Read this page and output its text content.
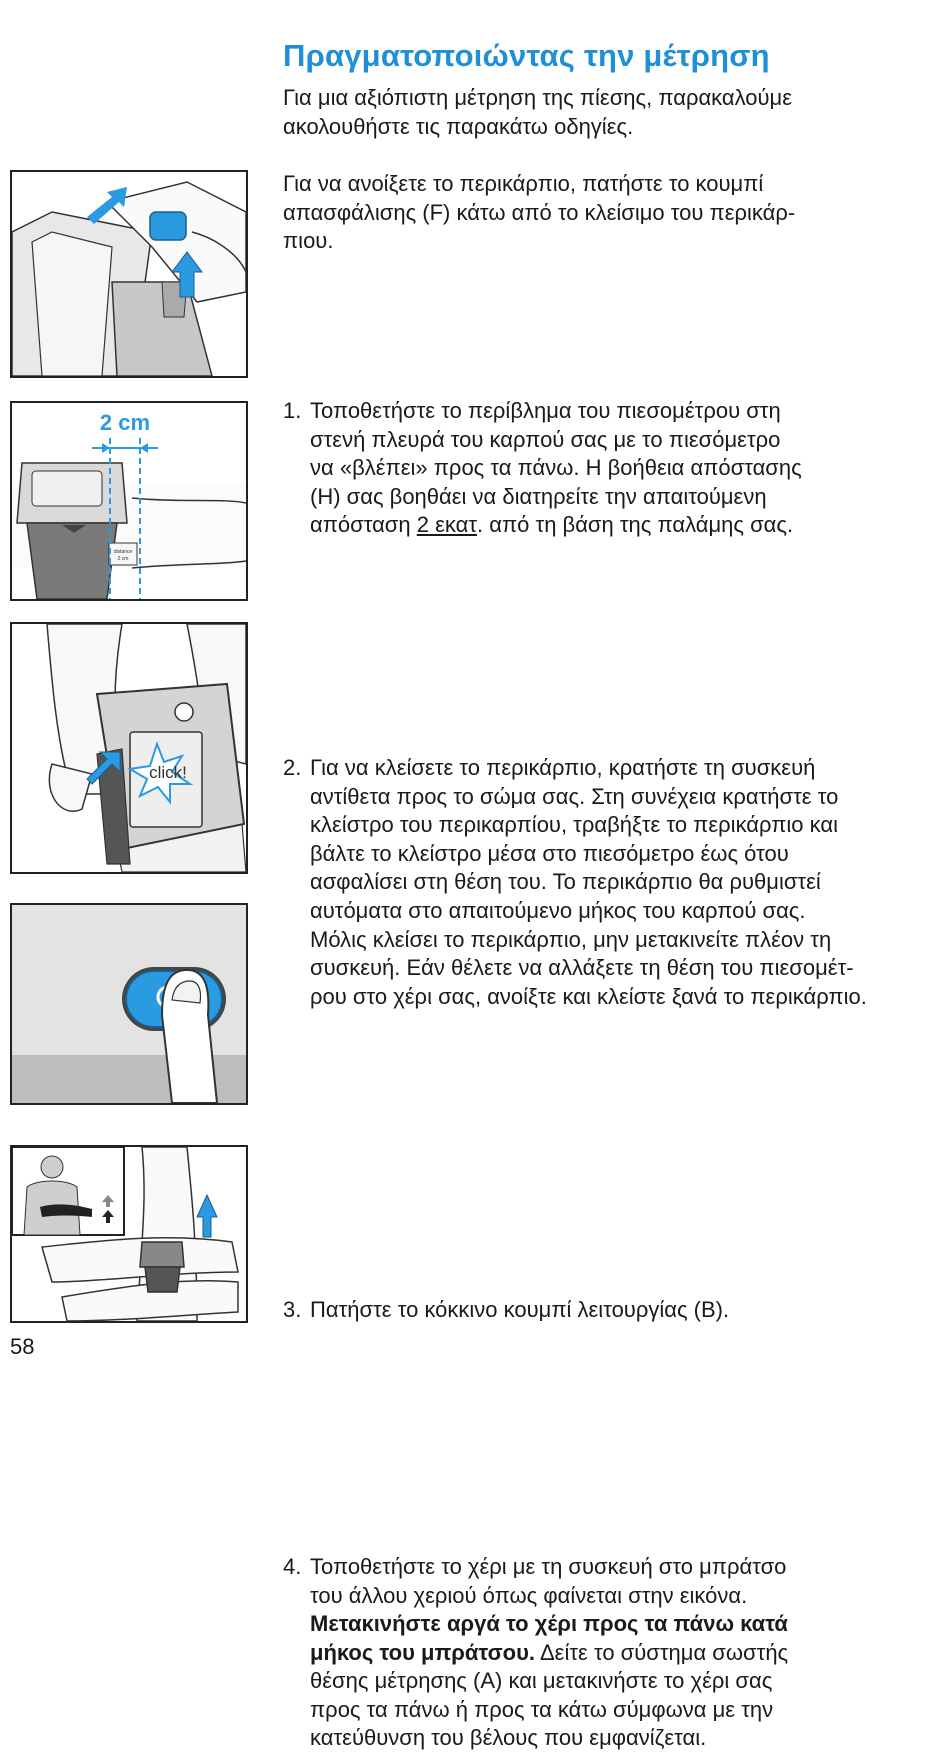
Πραγματοποιώντας την μέτρηση
Για μια αξιόπιστη μέτρηση της πίεσης, παρακαλούμε
ακολουθήστε τις παρακάτω οδηγίες.
Για να ανοίξετε το περικάρπιο, πατήστε το κουμπί
απασφάλισης (F) κάτω από το κλείσιμο του περικάρ-
πιου.
1. Τοποθετήστε το περίβλημα του πιεσομέτρου στη
στενή πλευρά του καρπού σας με το πιεσόμετρο
να «βλέπει» προς τα πάνω. Η βοήθεια απόστασης
(H) σας βοηθάει να διατηρείτε την απαιτούμενη
απόσταση 2 εκατ. από τη βάση της παλάμης σας.
2. Για να κλείσετε το περικάρπιο, κρατήστε τη συσκευή
αντίθετα προς το σώμα σας. Στη συνέχεια κρατήστε το
κλείστρο του περικαρπίου, τραβήξτε το περικάρπιο και
βάλτε το κλείστρο μέσα στο πιεσόμετρο έως ότου
ασφαλίσει στη θέση του. Το περικάρπιο θα ρυθμιστεί
αυτόματα στο απαιτούμενο μήκος του καρπού σας.
Μόλις κλείσει το περικάρπιο, μην μετακινείτε πλέον τη
συσκευή. Εάν θέλετε να αλλάξετε τη θέση του πιεσομέτ-
ρου στο χέρι σας, ανοίξτε και κλείστε ξανά το περικάρπιο.
3. Πατήστε το κόκκινο κουμπί λειτουργίας (B).
4. Τοποθετήστε το χέρι με τη συσκευή στο μπράτσο
του άλλου χεριού όπως φαίνεται στην εικόνα.
Μετακινήστε αργά το χέρι προς τα πάνω κατά
μήκος του μπράτσου. Δείτε το σύστημα σωστής
θέσης μέτρησης (A) και μετακινήστε το χέρι σας
προς τα πάνω ή προς τα κάτω σύμφωνα με την
κατεύθυνση του βέλους που εμφανίζεται.
2 cm
distance
2 cm
click!
58
